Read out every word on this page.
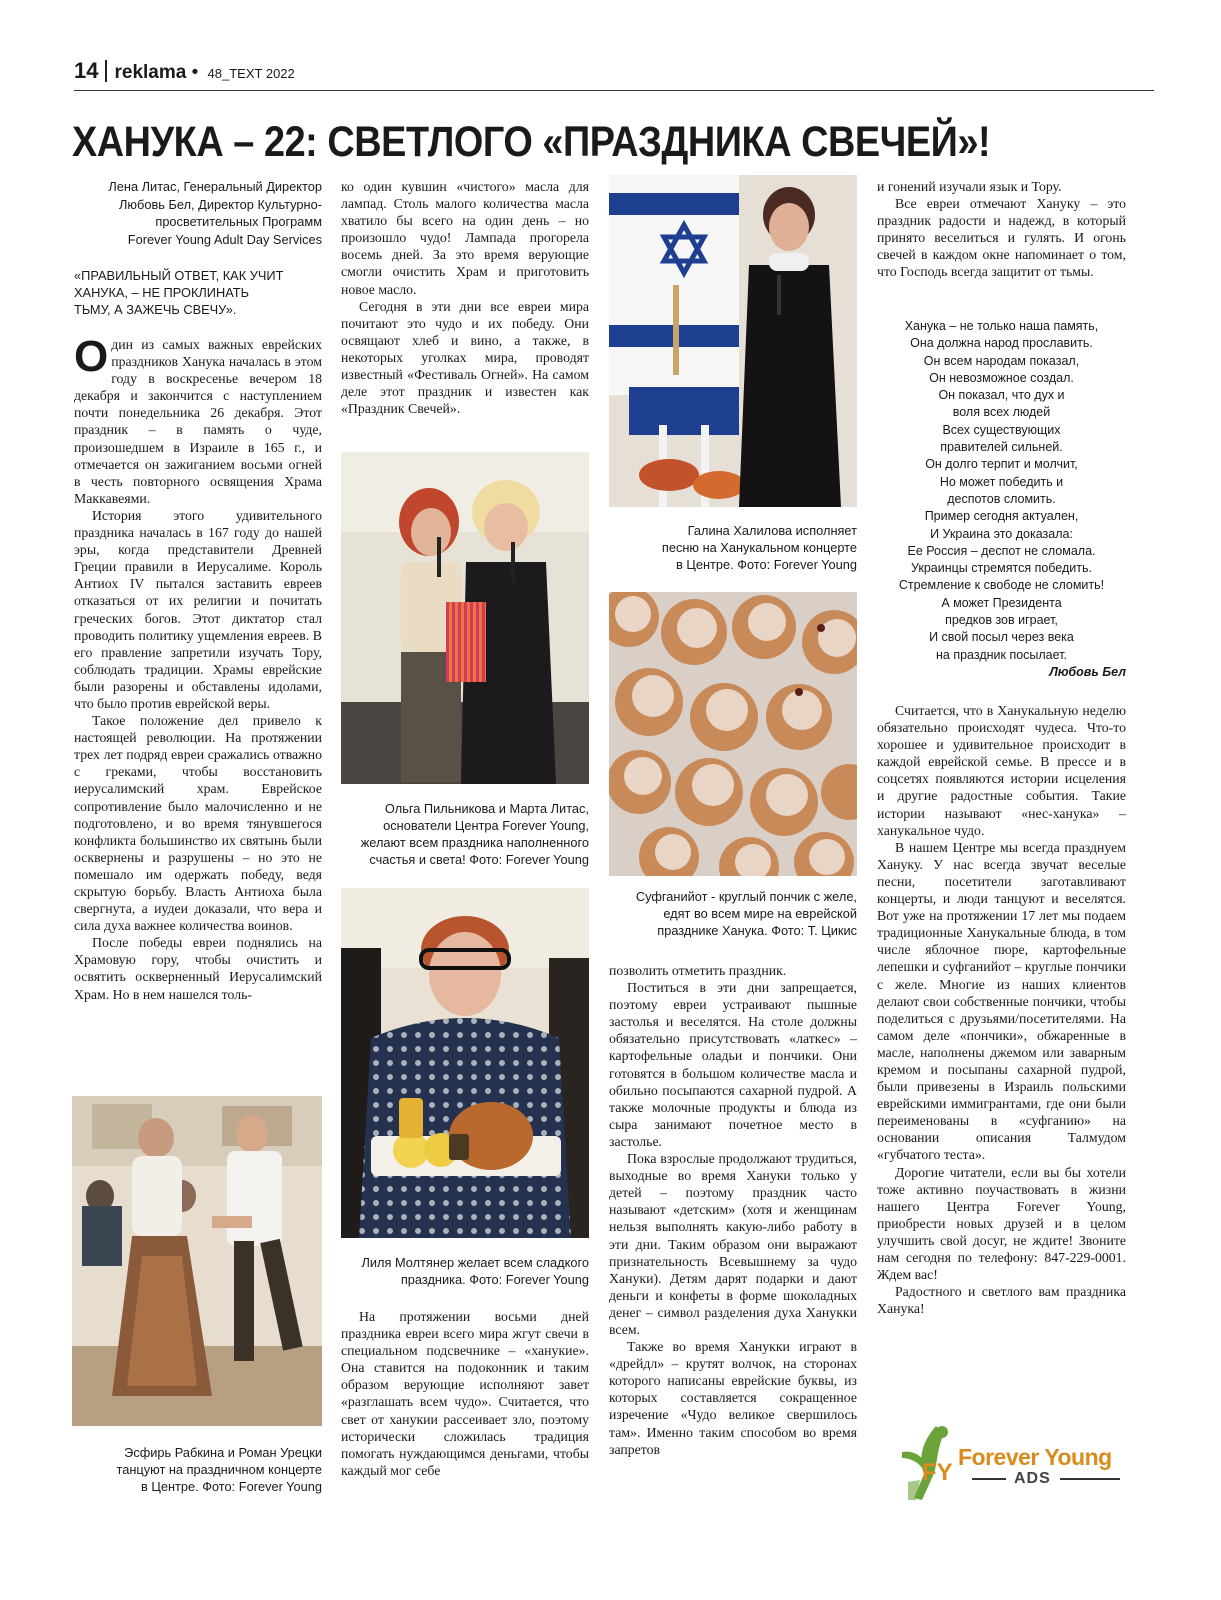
14 reklama • 48_TEXT 2022
ХАНУКА – 22: СВЕТЛОГО «ПРАЗДНИКА СВЕЧЕЙ»!
Лена Литас, Генеральный Директор
Любовь Бел, Директор Культурно-
просветительных Программ
Forever Young Adult Day Services
«ПРАВИЛЬНЫЙ ОТВЕТ, КАК УЧИТ
ХАНУКА, – НЕ ПРОКЛИНАТЬ
ТЬМУ, А ЗАЖЕЧЬ СВЕЧУ».

Один из самых важных еврейских праздников Ханука началась в этом году в воскресенье вечером 18 декабря и закончится с наступлением почти понедельника 26 декабря. Этот праздник – в память о чуде, произошедшем в Израиле в 165 г., и отмечается он зажиганием восьми огней в честь повторного освящения Храма Маккавеями.

История этого удивительного праздника началась в 167 году до нашей эры, когда представители Древней Греции правили в Иерусалиме. Король Антиох IV пытался заставить евреев отказаться от их религии и почитать греческих богов. Этот диктатор стал проводить политику ущемления евреев. В его правление запретили изучать Тору, соблюдать традиции. Храмы еврейские были разорены и обставлены идолами, что было против еврейской веры.

Такое положение дел привело к настоящей революции. На протяжении трех лет подряд евреи сражались отважно с греками, чтобы восстановить иерусалимский храм. Еврейское сопротивление было малочисленно и не подготовлено, и во время тянувшегося конфликта большинство их святынь были осквернены и разрушены – но это не помешало им одержать победу, ведя скрытую борьбу. Власть Антиоха была свергнута, а иудеи доказали, что вера и сила духа важнее количества воинов.

После победы евреи поднялись на Храмовую гору, чтобы очистить и освятить оскверненный Иерусалимский Храм. Но в нем нашелся толь-

Эсфирь Рабкина и Роман Урецки
танцуют на праздничном концерте
в Центре. Фото: Forever Young

ко один кувшин «чистого» масла для лампад. Столь малого количества масла хватило бы всего на один день – но произошло чудо! Лампада прогорела восемь дней. За это время верующие смогли очистить Храм и приготовить новое масло.

Сегодня в эти дни все евреи мира почитают это чудо и их победу. Они освящают хлеб и вино, а также, в некоторых уголках мира, проводят известный «Фестиваль Огней». На самом деле этот праздник и известен как «Праздник Свечей».

Ольга Пильникова и Марта Литас,
основатели Центра Forever Young,
желают всем праздника наполненного
счастья и света! Фото: Forever Young
Лиля Молтянер желает всем сладкого
праздника. Фото: Forever Young

На протяжении восьми дней праздника евреи всего мира жгут свечи в специальном подсвечнике – «ханукие». Она ставится на подоконник и таким образом верующие исполняют завет «разглашать всем чудо». Считается, что свет от ханукии рассеивает зло, поэтому исторически сложилась традиция помогать нуждающимся деньгами, чтобы каждый мог себе

Галина Халилова исполняет
песню на Ханукальном концерте
в Центре. Фото: Forever Young
Суфганийот - круглый пончик с желе,
едят во всем мире на еврейской
празднике Ханука. Фото: Т. Цикис

позволить отметить праздник.

Поститься в эти дни запрещается, поэтому евреи устраивают пышные застолья и веселятся. На столе должны обязательно присутствовать «латкес» – картофельные оладьи и пончики. Они готовятся в большом количестве масла и обильно посыпаются сахарной пудрой. А также молочные продукты и блюда из сыра занимают почетное место в застолье.

Пока взрослые продолжают трудиться, выходные во время Хануки только у детей – поэтому праздник часто называют «детским» (хотя и женщинам нельзя выполнять какую-либо работу в эти дни. Таким образом они выражают признательность Всевышнему за чудо Хануки). Детям дарят подарки и дают деньги и конфеты в форме шоколадных денег – символ разделения духа Ханукки всем.

Также во время Ханукки играют в «дрейдл» – крутят волчок, на сторонах которого написаны еврейские буквы, из которых составляется сокращенное изречение «Чудо великое свершилось там». Именно таким способом во время запретов

и гонений изучали язык и Тору.

Все евреи отмечают Хануку – это праздник радости и надежд, в который принято веселиться и гулять. И огонь свечей в каждом окне напоминает о том, что Господь всегда защитит от тьмы.

Ханука – не только наша память,
Она должна народ прославить.
Он всем народам показал,
Он невозможное создал.
Он показал, что дух и
воля всех людей
Всех существующих
правителей сильней.
Он долго терпит и молчит,
Но может победить и
деспотов сломить.
Пример сегодня актуален,
И Украина это доказала:
Ее Россия – деспот не сломала.
Украинцы стремятся победить.
Стремление к свободе не сломить!
А может Президента
предков зов играет,
И свой посыл через века
на праздник посылает.
Любовь Бел

Считается, что в Ханукальную неделю обязательно происходят чудеса. Что-то хорошее и удивительное происходит в каждой еврейской семье. В прессе и в соцсетях появляются истории исцеления и другие радостные события. Такие истории называют «нес-ханука» – ханукальное чудо.

В нашем Центре мы всегда празднуем Хануку. У нас всегда звучат веселые песни, посетители заготавливают концерты, и люди танцуют и веселятся. Вот уже на протяжении 17 лет мы подаем традиционные Ханукальные блюда, в том числе яблочное пюре, картофельные лепешки и суфганийот – круглые пончики с желе. Многие из наших клиентов делают свои собственные пончики, чтобы поделиться с друзьями/посетителями. На самом деле «пончики», обжаренные в масле, наполнены джемом или заварным кремом и посыпаны сахарной пудрой, были привезены в Израиль польскими еврейскими иммигрантами, где они были переименованы в «суфганию» на основании описания Талмудом «губчатого теста».

Дорогие читатели, если вы бы хотели тоже активно поучаствовать в жизни нашего Центра Forever Young, приобрести новых друзей и в целом улучшить свой досуг, не ждите! Звоните нам сегодня по телефону: 847-229-0001. Ждем вас!

Радостного и светлого вам праздника Ханука!

FY
Forever Young
ADS
